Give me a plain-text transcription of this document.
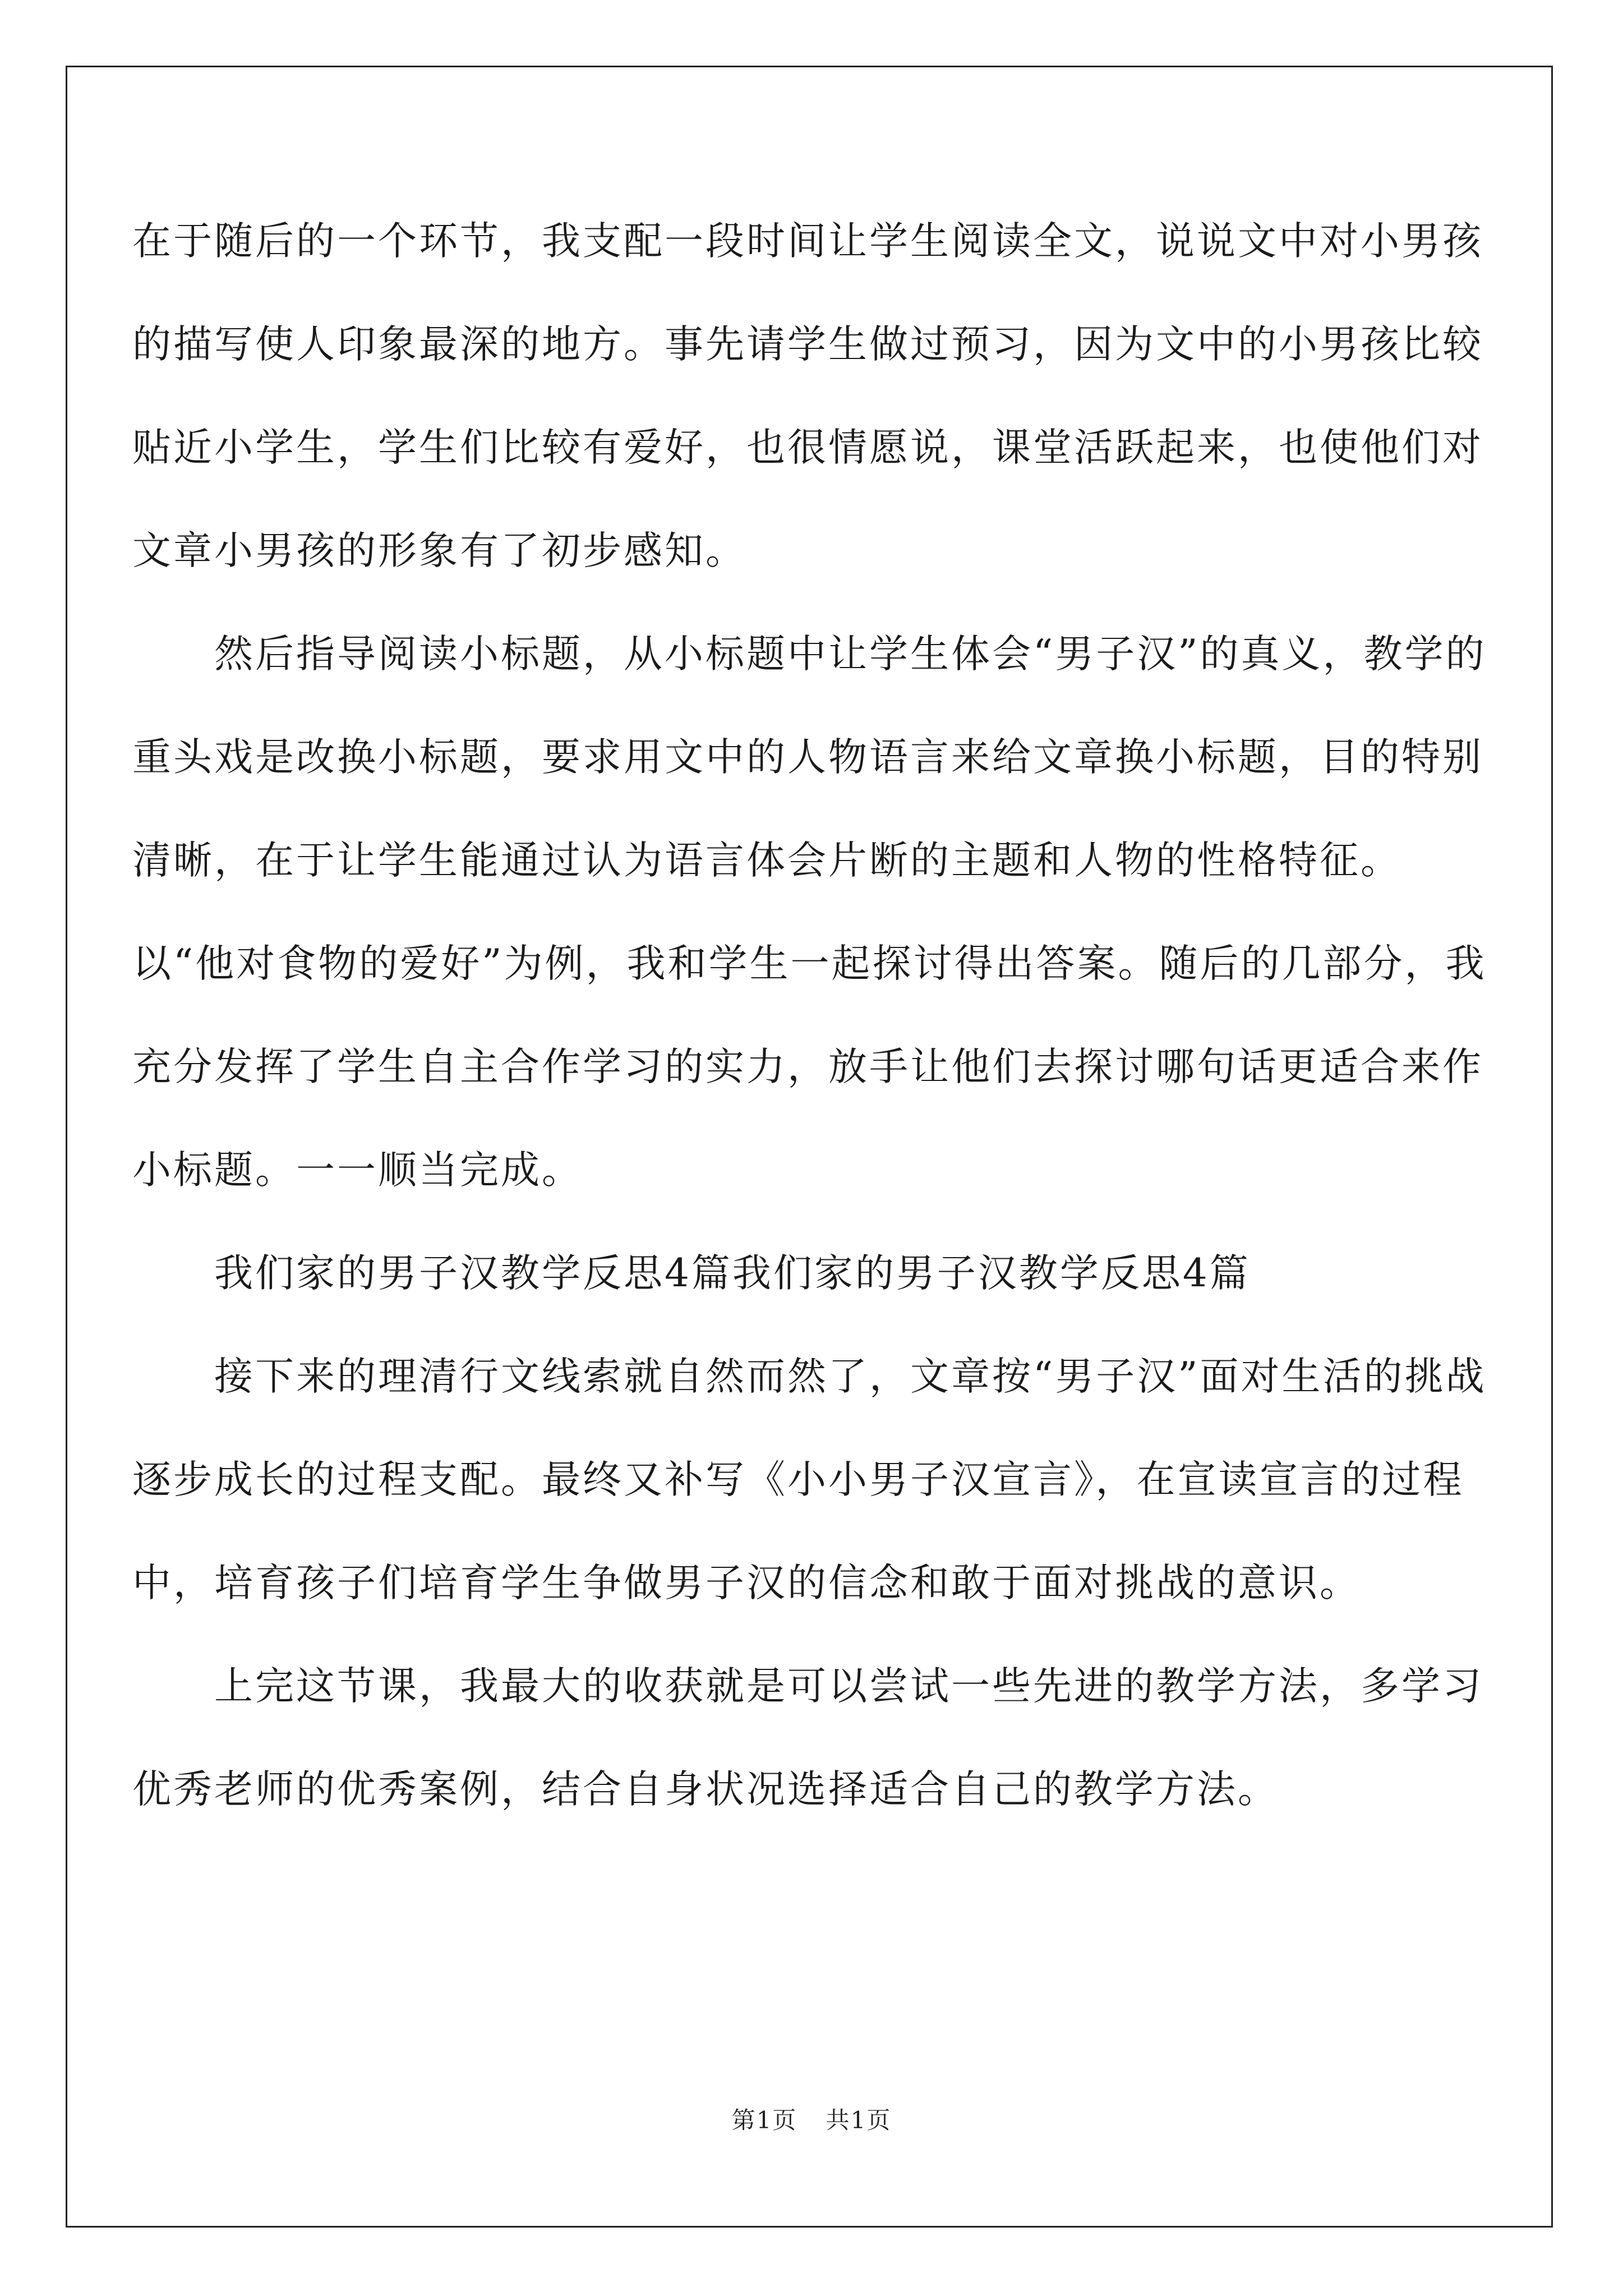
在于随后的一个环节，我支配一段时间让学生阅读全文，说说文中对小男孩的描写使人印象最深的地方。事先请学生做过预习，因为文中的小男孩比较贴近小学生，学生们比较有爱好，也很情愿说，课堂活跃起来，也使他们对文章小男孩的形象有了初步感知。

然后指导阅读小标题，从小标题中让学生体会“男子汉”的真义，教学的重头戏是改换小标题，要求用文中的人物语言来给文章换小标题，目的特别清晰，在于让学生能通过认为语言体会片断的主题和人物的性格特征。以“他对食物的爱好”为例，我和学生一起探讨得出答案。随后的几部分，我充分发挥了学生自主合作学习的实力，放手让他们去探讨哪句话更适合来作小标题。一一顺当完成。

我们家的男子汉教学反思4篇我们家的男子汉教学反思4篇

接下来的理清行文线索就自然而然了，文章按“男子汉”面对生活的挑战逐步成长的过程支配。最终又补写《小小男子汉宣言》，在宣读宣言的过程中，培育孩子们培育学生争做男子汉的信念和敢于面对挑战的意识。

上完这节课，我最大的收获就是可以尝试一些先进的教学方法，多学习优秀老师的优秀案例，结合自身状况选择适合自己的教学方法。

第1页 共1页
